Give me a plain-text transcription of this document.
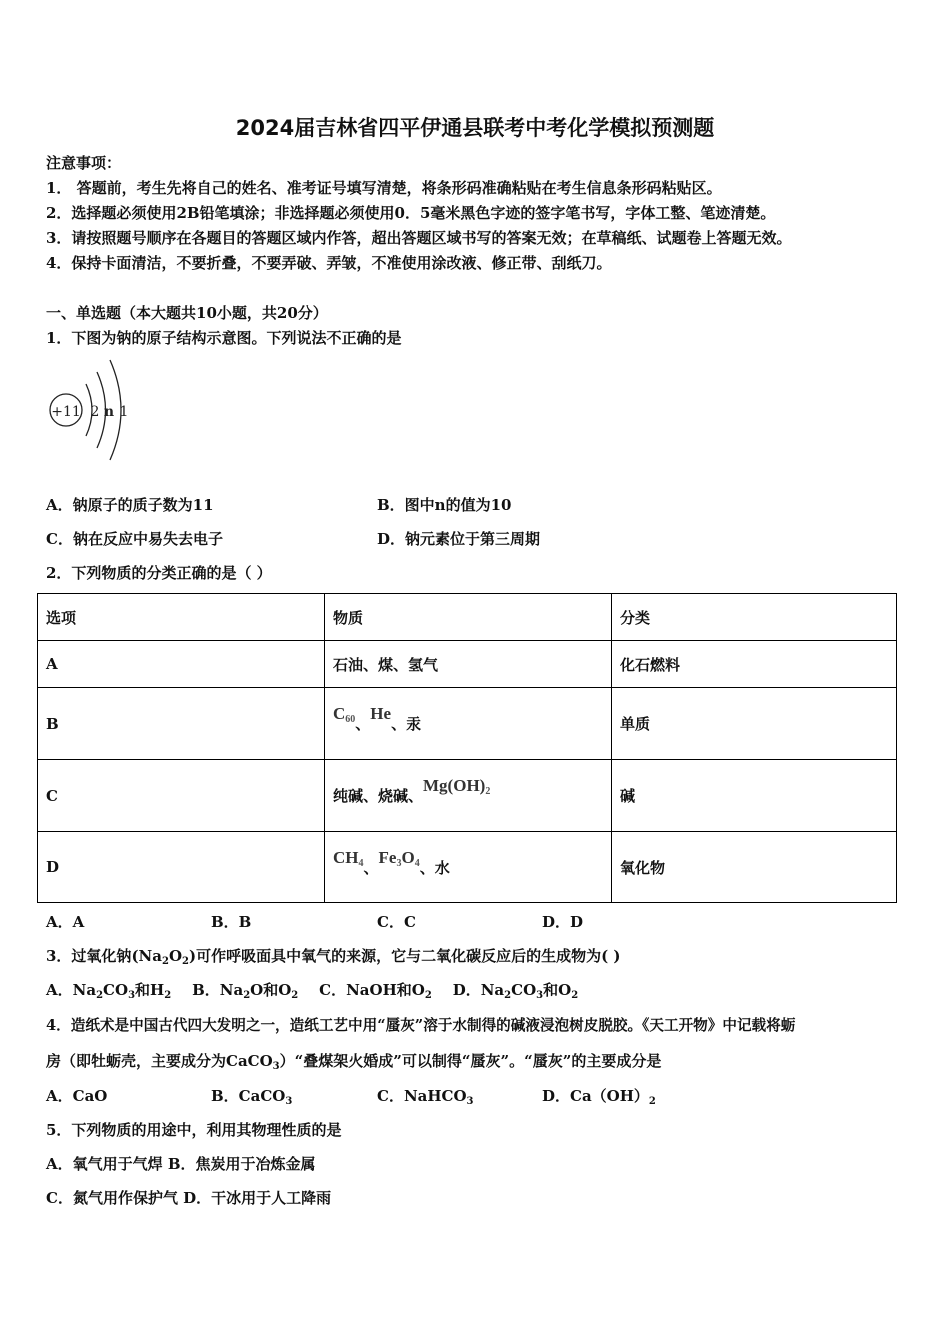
2024届吉林省四平伊通县联考中考化学模拟预测题
注意事项：
1． 答题前，考生先将自己的姓名、准考证号填写清楚，将条形码准确粘贴在考生信息条形码粘贴区。
2．选择题必须使用2B铅笔填涂；非选择题必须使用0．5毫米黑色字迹的签字笔书写，字体工整、笔迹清楚。
3．请按照题号顺序在各题目的答题区域内作答，超出答题区域书写的答案无效；在草稿纸、试题卷上答题无效。
4．保持卡面清洁，不要折叠，不要弄破、弄皱，不准使用涂改液、修正带、刮纸刀。
一、单选题（本大题共10小题，共20分）
1．下图为钠的原子结构示意图。下列说法不正确的是
+11 2 n 1
A．钠原子的质子数为11	B．图中n的值为10
C．钠在反应中易失去电子	D．钠元素位于第三周期
2．下列物质的分类正确的是（ ）
选项	物质	分类
A	石油、煤、氢气	化石燃料
B	$C_{60}$、He、汞	单质
C	纯碱、烧碱、$Mg(OH)_2$	碱
D	$CH_4$、$Fe_3O_4$、水	氧化物
A．A	B．B	C．C	D．D
3．过氧化钠$(Na_2O_2)$可作呼吸面具中氧气的来源，它与二氧化碳反应后的生成物为( )
A．$Na_2CO_3$和$H_2$ B．$Na_2O$和$O_2$ C．NaOH和$O_2$ D．$Na_2CO_3$和$O_2$
4．造纸术是中国古代四大发明之一，造纸工艺中用“蜃灰”溶于水制得的碱液浸泡树皮脱胶。《天工开物》中记载将蛎
房（即牡蛎壳，主要成分为CaCO$_3$）“叠煤架火婚成”可以制得“蜃灰”。“蜃灰”的主要成分是
A．CaO	B．CaCO$_3$	C．NaHCO$_3$	D．$Ca(OH)_2$
5．下列物质的用途中，利用其物理性质的是
A．氧气用于气焊 B．焦炭用于冶炼金属
C．氮气用作保护气 D．干冰用于人工降雨
